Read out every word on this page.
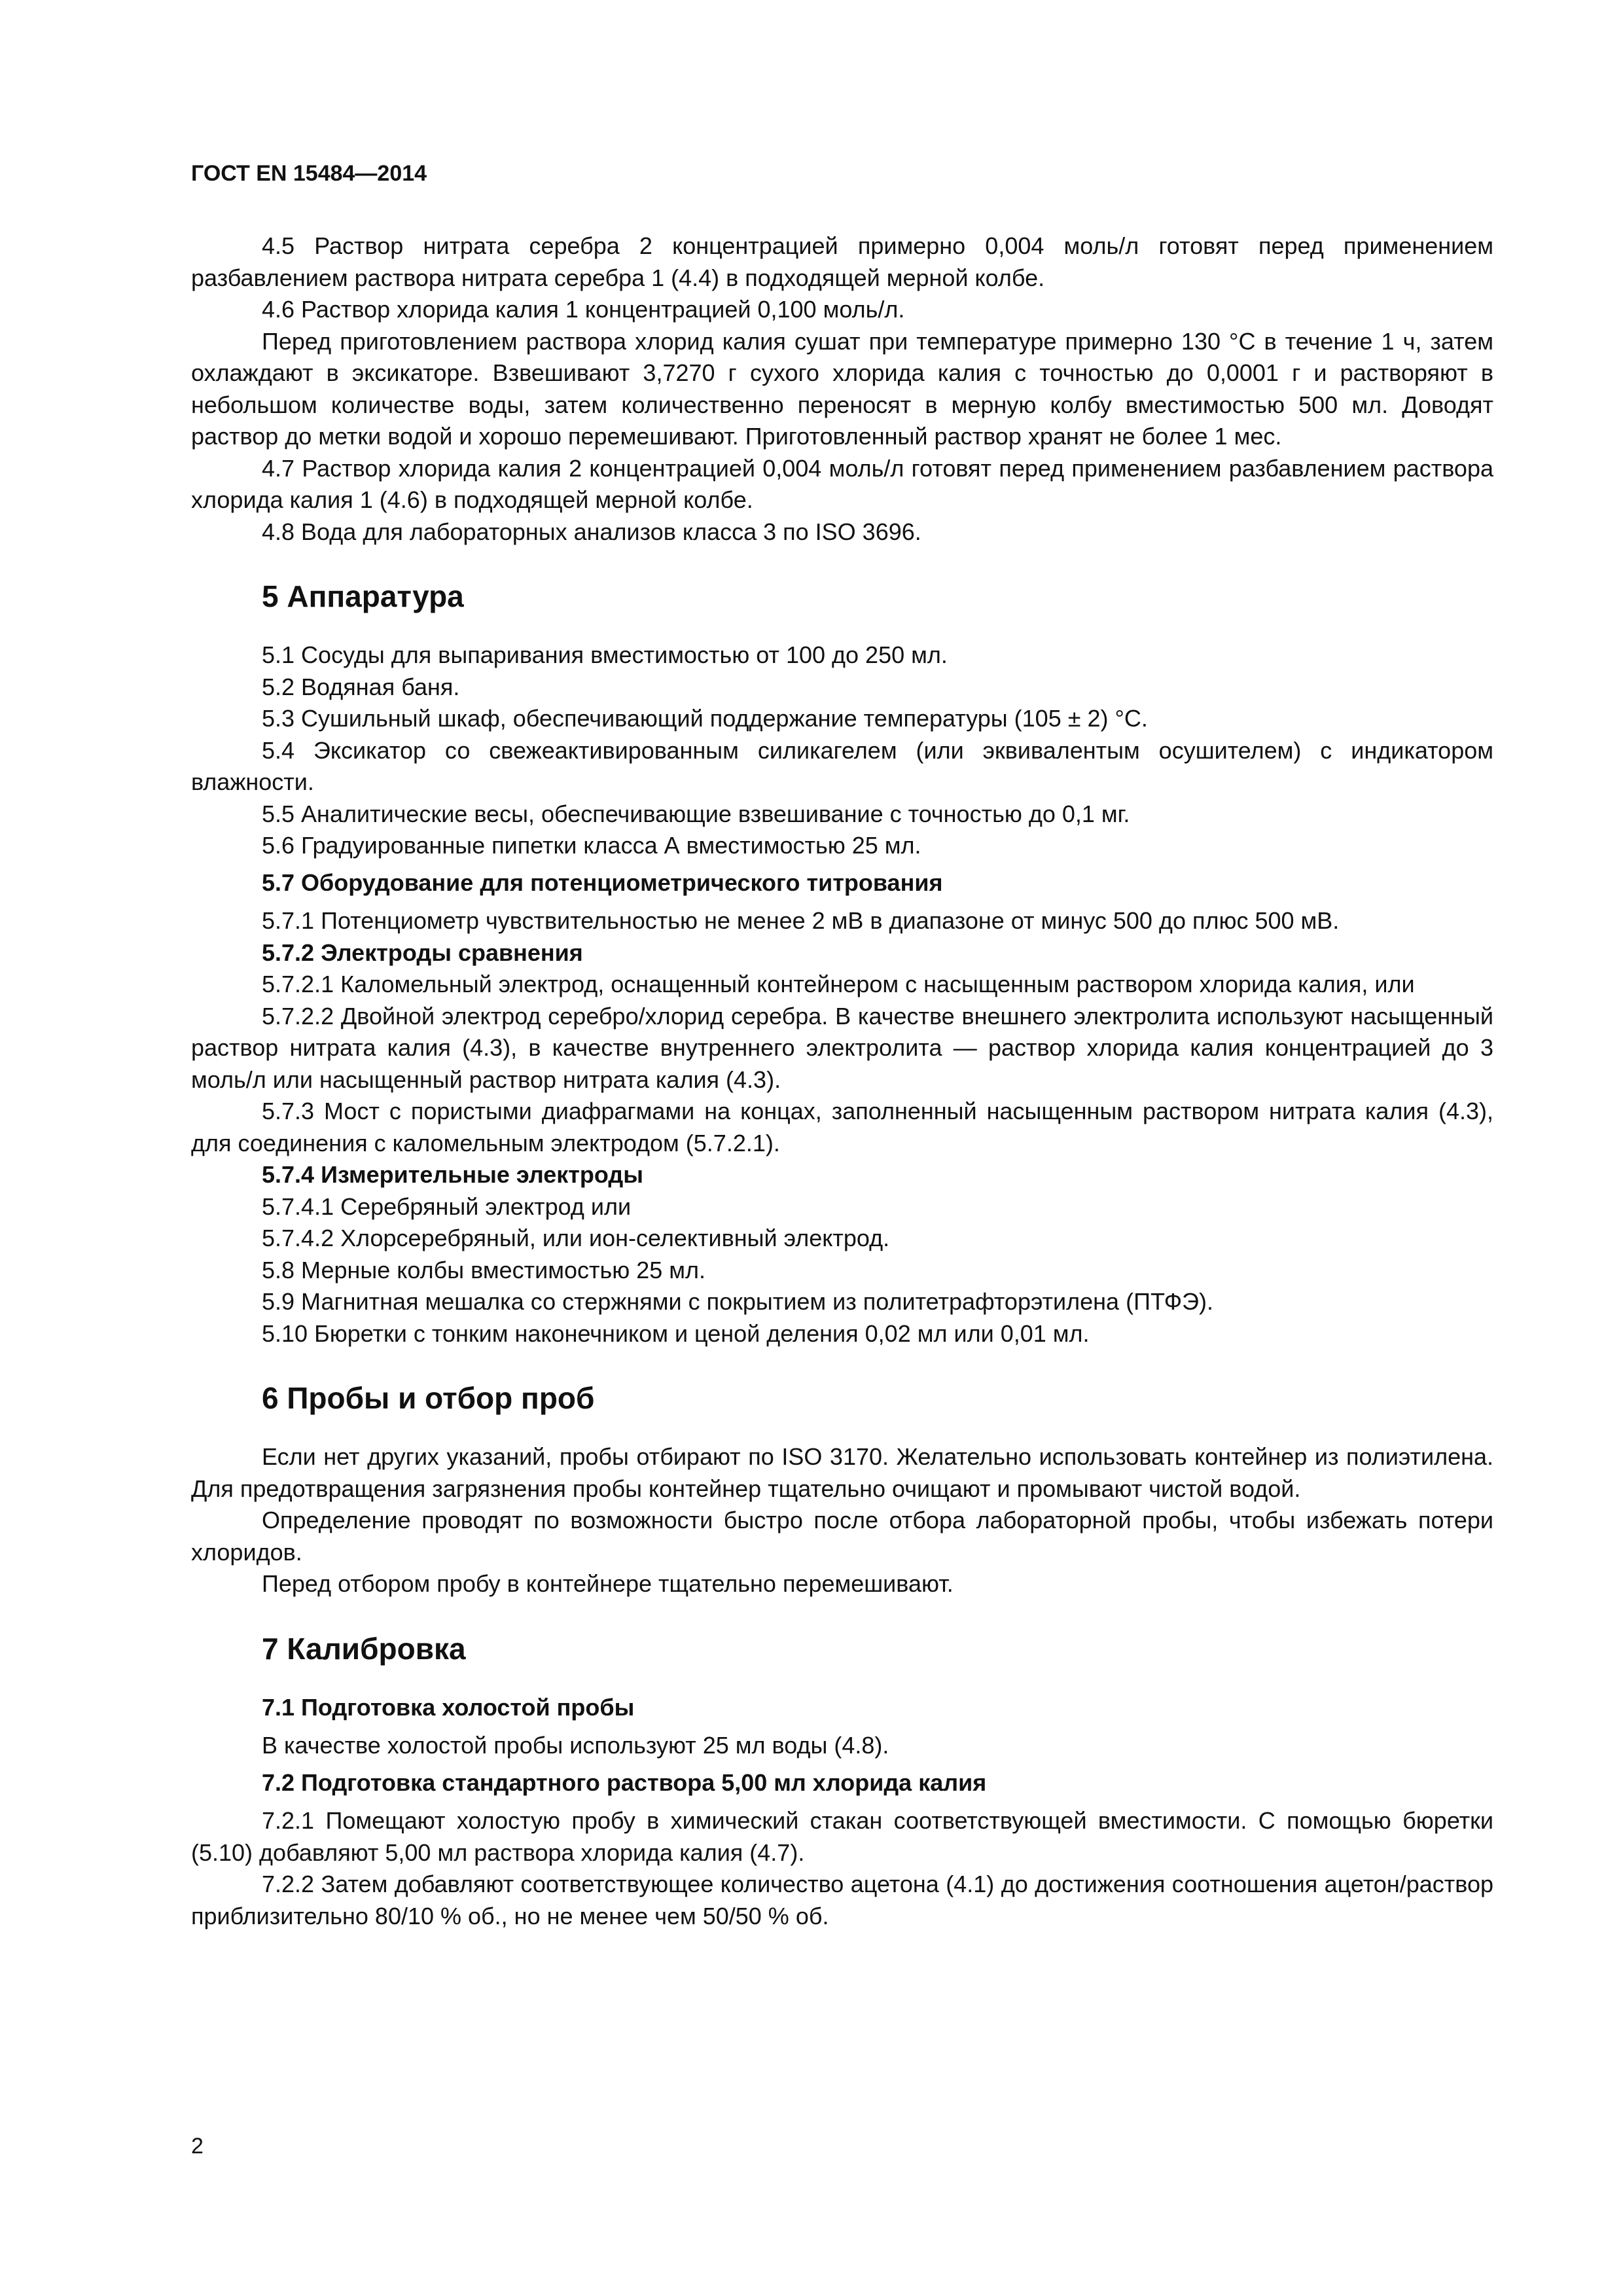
ГОСТ EN 15484—2014

4.5 Раствор нитрата серебра 2 концентрацией примерно 0,004 моль/л готовят перед применением разбавлением раствора нитрата серебра 1 (4.4) в подходящей мерной колбе.

4.6 Раствор хлорида калия 1 концентрацией 0,100 моль/л.

Перед приготовлением раствора хлорид калия сушат при температуре примерно 130 °С в течение 1 ч, затем охлаждают в эксикаторе. Взвешивают 3,7270 г сухого хлорида калия с точностью до 0,0001 г и растворяют в небольшом количестве воды, затем количественно переносят в мерную колбу вместимостью 500 мл. Доводят раствор до метки водой и хорошо перемешивают. Приготовленный раствор хранят не более 1 мес.

4.7 Раствор хлорида калия 2 концентрацией 0,004 моль/л готовят перед применением разбавлением раствора хлорида калия 1 (4.6) в подходящей мерной колбе.

4.8 Вода для лабораторных анализов класса 3 по ISO 3696.

5 Аппаратура

5.1 Сосуды для выпаривания вместимостью от 100 до 250 мл.

5.2 Водяная баня.

5.3 Сушильный шкаф, обеспечивающий поддержание температуры (105 ± 2) °С.

5.4 Эксикатор со свежеактивированным силикагелем (или эквивалентым осушителем) с индикатором влажности.

5.5 Аналитические весы, обеспечивающие взвешивание с точностью до 0,1 мг.

5.6 Градуированные пипетки класса А вместимостью 25 мл.

5.7 Оборудование для потенциометрического титрования

5.7.1 Потенциометр чувствительностью не менее 2 мВ в диапазоне от минус 500 до плюс 500 мВ.

5.7.2 Электроды сравнения

5.7.2.1 Каломельный электрод, оснащенный контейнером с насыщенным раствором хлорида калия, или

5.7.2.2 Двойной электрод серебро/хлорид серебра. В качестве внешнего электролита используют насыщенный раствор нитрата калия (4.3), в качестве внутреннего электролита — раствор хлорида калия концентрацией до 3 моль/л или насыщенный раствор нитрата калия (4.3).

5.7.3 Мост с пористыми диафрагмами на концах, заполненный насыщенным раствором нитрата калия (4.3), для соединения с каломельным электродом (5.7.2.1).

5.7.4 Измерительные электроды

5.7.4.1 Серебряный электрод или

5.7.4.2 Хлорсеребряный, или ион-селективный электрод.

5.8 Мерные колбы вместимостью 25 мл.

5.9 Магнитная мешалка со стержнями с покрытием из политетрафторэтилена (ПТФЭ).

5.10 Бюретки с тонким наконечником и ценой деления 0,02 мл или 0,01 мл.

6 Пробы и отбор проб

Если нет других указаний, пробы отбирают по ISO 3170. Желательно использовать контейнер из полиэтилена. Для предотвращения загрязнения пробы контейнер тщательно очищают и промывают чистой водой.

Определение проводят по возможности быстро после отбора лабораторной пробы, чтобы избежать потери хлоридов.

Перед отбором пробу в контейнере тщательно перемешивают.

7 Калибровка

7.1 Подготовка холостой пробы

В качестве холостой пробы используют 25 мл воды (4.8).

7.2 Подготовка стандартного раствора 5,00 мл хлорида калия

7.2.1 Помещают холостую пробу в химический стакан соответствующей вместимости. С помощью бюретки (5.10) добавляют 5,00 мл раствора хлорида калия (4.7).

7.2.2 Затем добавляют соответствующее количество ацетона (4.1) до достижения соотношения ацетон/раствор приблизительно 80/10 % об., но не менее чем 50/50 % об.

2
